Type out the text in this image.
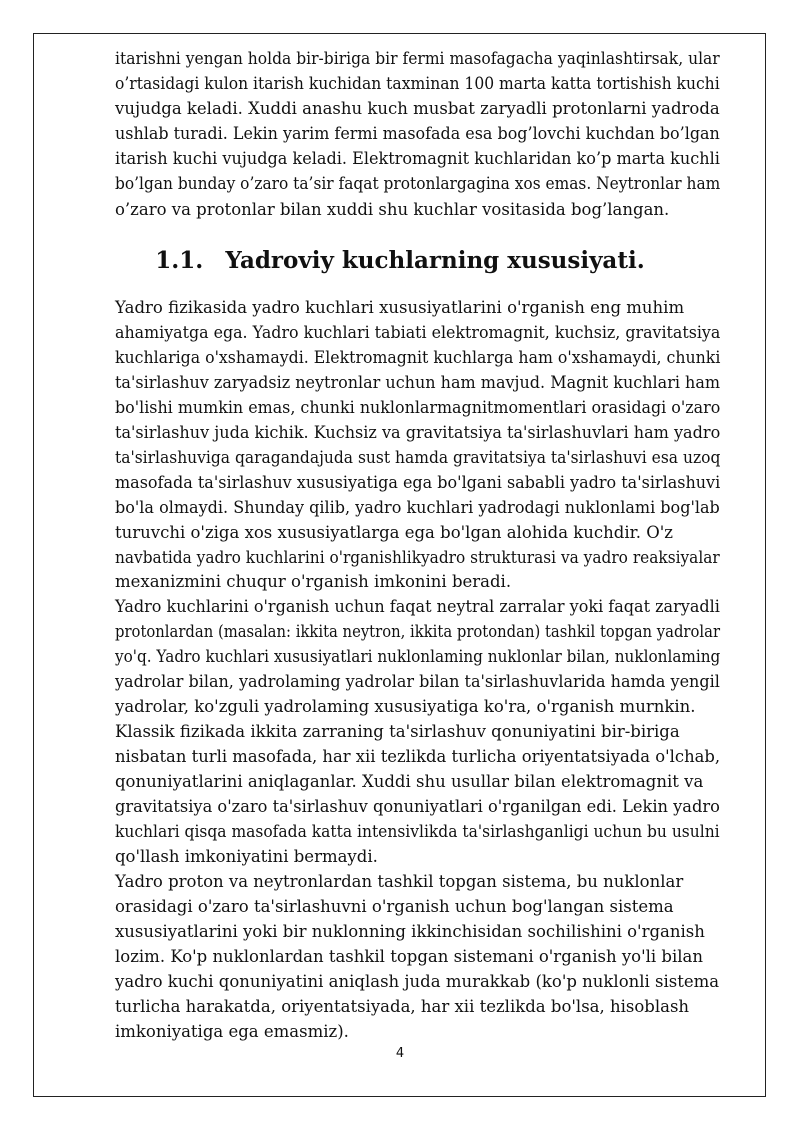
itarishni yengan holda bir-biriga bir fermi masofagacha yaqinlashtirsak, ular
o’rtasidagi kulon itarish kuchidan taxminan 100 marta katta tortishish kuchi
vujudga keladi. Xuddi anashu kuch musbat zaryadli protonlarni yadroda
ushlab turadi. Lekin yarim fermi masofada esa bog’lovchi kuchdan bo’lgan
itarish kuchi vujudga keladi. Elektromagnit kuchlaridan ko’p marta kuchli
bo’lgan bunday o’zaro ta’sir faqat protonlargagina xos emas. Neytronlar ham
o’zaro va protonlar bilan xuddi shu kuchlar vositasida bog’langan.
1.1. Yadroviy kuchlarning xususiyati.
Yadro fizikasida yadro kuchlari xususiyatlarini o'rganish eng muhim
ahamiyatga ega. Yadro kuchlari tabiati elektromagnit, kuchsiz, gravitatsiya
kuchlariga o'xshamaydi. Elektromagnit kuchlarga ham o'xshamaydi, chunki
ta'sirlashuv zaryadsiz neytronlar uchun ham mavjud. Magnit kuchlari ham
bo'lishi mumkin emas, chunki nuklonlarmagnitmomentlari orasidagi o'zaro
ta'sirlashuv juda kichik. Kuchsiz va gravitatsiya ta'sirlashuvlari ham yadro
ta'sirlashuviga qaragandajuda sust hamda gravitatsiya ta'sirlashuvi esa uzoq
masofada ta'sirlashuv xususiyatiga ega bo'lgani sababli yadro ta'sirlashuvi
bo'la olmaydi. Shunday qilib, yadro kuchlari yadrodagi nuklonlami bog'lab
turuvchi o'ziga xos xususiyatlarga ega bo'lgan alohida kuchdir. O'z
navbatida yadro kuchlarini o'rganishlikyadro strukturasi va yadro reaksiyalar
mexanizmini chuqur o'rganish imkonini beradi.
Yadro kuchlarini o'rganish uchun faqat neytral zarralar yoki faqat zaryadli
protonlardan (masalan: ikkita neytron, ikkita protondan) tashkil topgan yadrolar
yo'q. Yadro kuchlari xususiyatlari nuklonlaming nuklonlar bilan, nuklonlaming
yadrolar bilan, yadrolaming yadrolar bilan ta'sirlashuvlarida hamda yengil
yadrolar, ko'zguli yadrolaming xususiyatiga ko'ra, o'rganish murnkin.
Klassik fizikada ikkita zarraning ta'sirlashuv qonuniyatini bir-biriga
nisbatan turli masofada, har xii tezlikda turlicha oriyentatsiyada o'lchab,
qonuniyatlarini aniqlaganlar. Xuddi shu usullar bilan elektromagnit va
gravitatsiya o'zaro ta'sirlashuv qonuniyatlari o'rganilgan edi. Lekin yadro
kuchlari qisqa masofada katta intensivlikda ta'sirlashganligi uchun bu usulni
qo'llash imkoniyatini bermaydi.
Yadro proton va neytronlardan tashkil topgan sistema, bu nuklonlar
orasidagi o'zaro ta'sirlashuvni o'rganish uchun bog'langan sistema
xususiyatlarini yoki bir nuklonning ikkinchisidan sochilishini o'rganish
lozim. Ko'p nuklonlardan tashkil topgan sistemani o'rganish yo'li bilan
yadro kuchi qonuniyatini aniqlash juda murakkab (ko'p nuklonli sistema
turlicha harakatda, oriyentatsiyada, har xii tezlikda bo'lsa, hisoblash
imkoniyatiga ega emasmiz).
4
